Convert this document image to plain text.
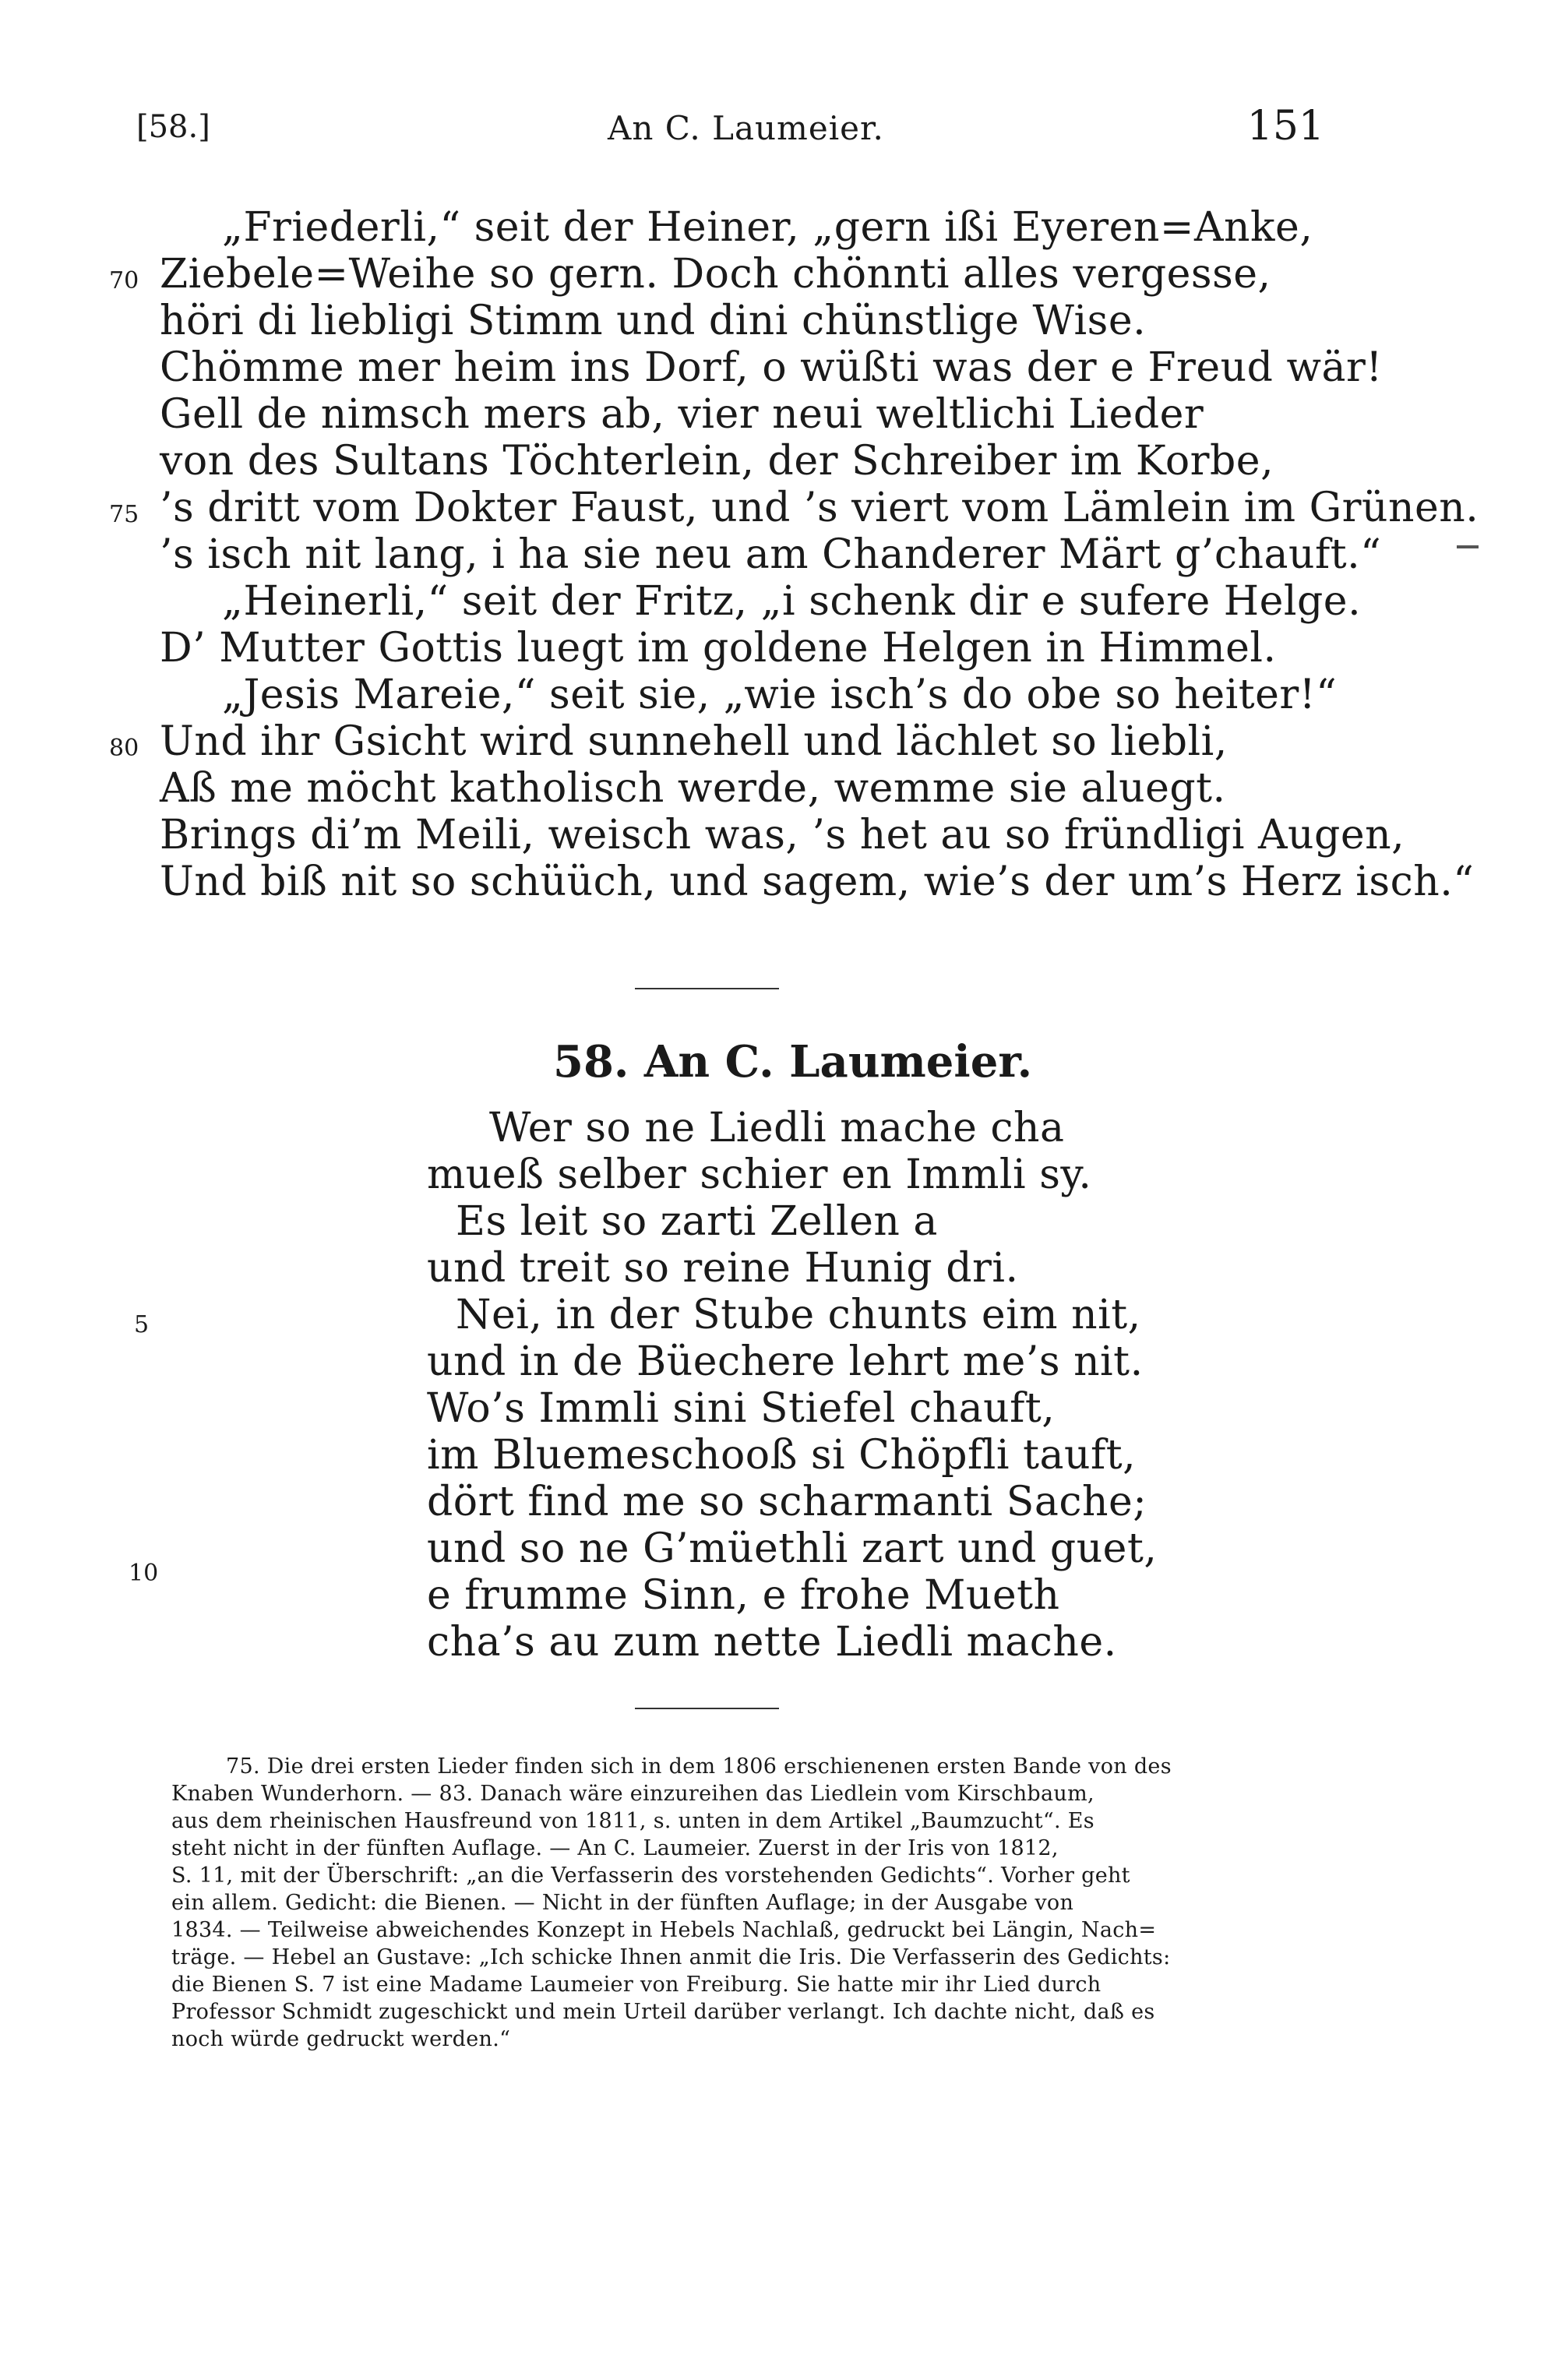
[58.]	An C. Laumeier.	151
„Friederli,“ seit der Heiner, „gern ißi Eyeren=Anke,
Ziebele=Weihe so gern. Doch chönnti alles vergesse,
höri di liebligi Stimm und dini chünstlige Wise.
Chömme mer heim ins Dorf, o wüßti was der e Freud wär!
Gell de nimsch mers ab, vier neui weltlichi Lieder
von des Sultans Töchterlein, der Schreiber im Korbe,
’s dritt vom Dokter Faust, und ’s viert vom Lämlein im Grünen.
’s isch nit lang, i ha sie neu am Chanderer Märt g’chauft.“
„Heinerli,“ seit der Fritz, „i schenk dir e sufere Helge.
D’ Mutter Gottis luegt im goldene Helgen in Himmel.
„Jesis Mareie,“ seit sie, „wie isch’s do obe so heiter!“
Und ihr Gsicht wird sunnehell und lächlet so liebli,
Aß me möcht katholisch werde, wemme sie aluegt.
Brings di’m Meili, weisch was, ’s het au so fründligi Augen,
Und biß nit so schüüch, und sagem, wie’s der um’s Herz isch.“
70
75
80
58. An C. Laumeier.
Wer so ne Liedli mache cha
mueß selber schier en Immli sy.
Es leit so zarti Zellen a
und treit so reine Hunig dri.
Nei, in der Stube chunts eim nit,
und in de Büechere lehrt me’s nit.
Wo’s Immli sini Stiefel chauft,
im Bluemeschooß si Chöpfli tauft,
dört find me so scharmanti Sache;
und so ne G’müethli zart und guet,
e frumme Sinn, e frohe Mueth
cha’s au zum nette Liedli mache.
5
10
75. Die drei ersten Lieder finden sich in dem 1806 erschienenen ersten Bande von des
Knaben Wunderhorn. — 83. Danach wäre einzureihen das Liedlein vom Kirschbaum,
aus dem rheinischen Hausfreund von 1811, s. unten in dem Artikel „Baumzucht“. Es
steht nicht in der fünften Auflage. — An C. Laumeier. Zuerst in der Iris von 1812,
S. 11, mit der Überschrift: „an die Verfasserin des vorstehenden Gedichts“. Vorher geht
ein allem. Gedicht: die Bienen. — Nicht in der fünften Auflage; in der Ausgabe von
1834. — Teilweise abweichendes Konzept in Hebels Nachlaß, gedruckt bei Längin, Nach=
träge. — Hebel an Gustave: „Ich schicke Ihnen anmit die Iris. Die Verfasserin des Gedichts:
die Bienen S. 7 ist eine Madame Laumeier von Freiburg. Sie hatte mir ihr Lied durch
Professor Schmidt zugeschickt und mein Urteil darüber verlangt. Ich dachte nicht, daß es
noch würde gedruckt werden.“
